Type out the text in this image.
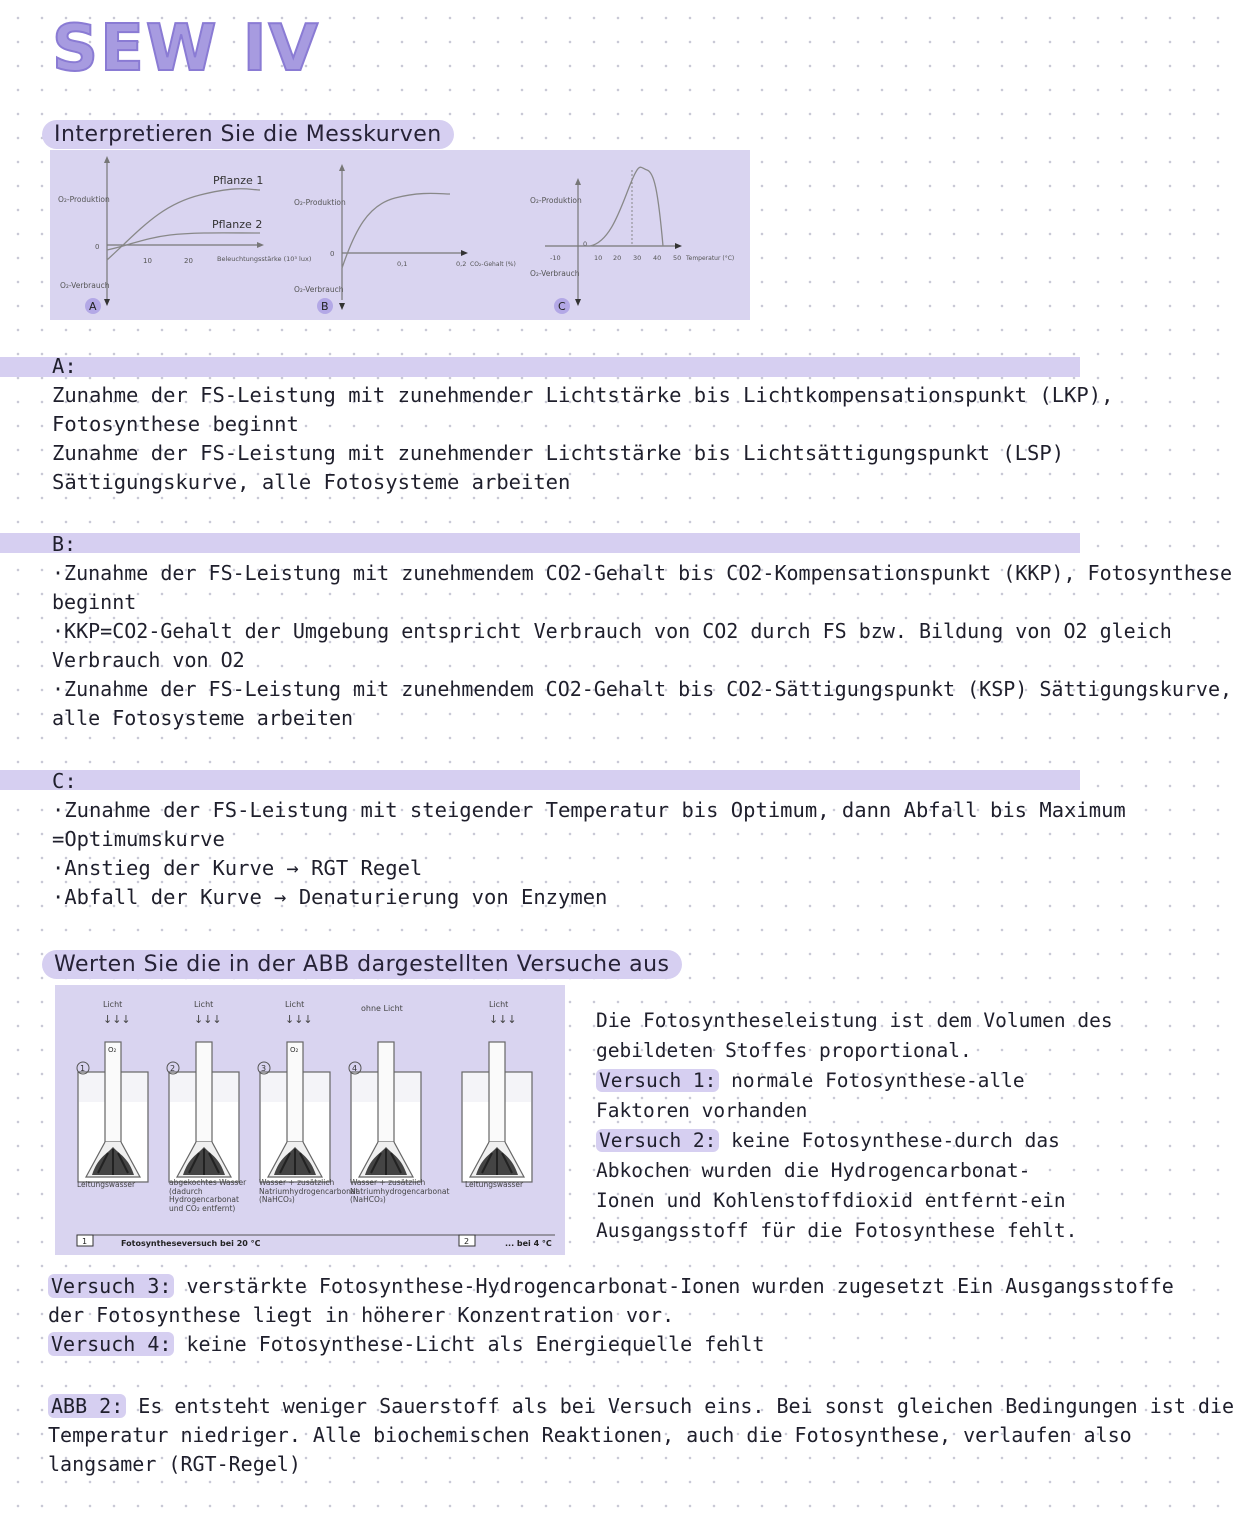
SEW IV
Interpretieren Sie die Messkurven
O₂-Produktion
O₂-Verbrauch
0
10	20	Beleuchtungsstärke (10³ lux)
Pflanze 1
Pflanze 2
A
O₂-Produktion
O₂-Verbrauch
0
0,1	0,2 CO₂-Gehalt (%)
B
O₂-Produktion
O₂-Verbrauch
0
-10	10 20 30 40 50 Temperatur (°C)
C

A:

Zunahme der FS-Leistung mit zunehmender Lichtstärke bis Lichtkompensationspunkt (LKP),

Fotosynthese beginnt

Zunahme der FS-Leistung mit zunehmender Lichtstärke bis Lichtsättigungspunkt (LSP)

Sättigungskurve, alle Fotosysteme arbeiten

B:

·Zunahme der FS-Leistung mit zunehmendem CO2-Gehalt bis CO2-Kompensationspunkt (KKP), Fotosynthese

beginnt

·KKP=CO2-Gehalt der Umgebung entspricht Verbrauch von CO2 durch FS bzw. Bildung von O2 gleich

Verbrauch von O2

·Zunahme der FS-Leistung mit zunehmendem CO2-Gehalt bis CO2-Sättigungspunkt (KSP) Sättigungskurve,

alle Fotosysteme arbeiten

C:

·Zunahme der FS-Leistung mit steigender Temperatur bis Optimum, dann Abfall bis Maximum

=Optimumskurve

·Anstieg der Kurve → RGT Regel

·Abfall der Kurve → Denaturierung von Enzymen

Werten Sie die in der ABB dargestellten Versuche aus
Licht
↓↓↓
O₂
1
Leitungswasser
Licht
↓↓↓
2
abgekochtes Wasser (dadurch Hydrogencarbonat und CO₂ entfernt)
Licht
↓↓↓
O₂
3
Wasser + zusätzlich Natriumhydrogencarbonat (NaHCO₃)
ohne Licht
4
Wasser + zusätzlich Natriumhydrogencarbonat (NaHCO₃)
Licht
↓↓↓
Leitungswasser
1	Fotosyntheseversuch bei 20 °C	2	... bei 4 °C

Die Fotosyntheseleistung ist dem Volumen des

gebildeten Stoffes proportional.

Versuch 1: normale Fotosynthese-alle

Faktoren vorhanden

Versuch 2: keine Fotosynthese-durch das

Abkochen wurden die Hydrogencarbonat-

Ionen und Kohlenstoffdioxid entfernt-ein

Ausgangsstoff für die Fotosynthese fehlt.

Versuch 3: verstärkte Fotosynthese-Hydrogencarbonat-Ionen wurden zugesetzt Ein Ausgangsstoffe

der Fotosynthese liegt in höherer Konzentration vor.

Versuch 4: keine Fotosynthese-Licht als Energiequelle fehlt

ABB 2: Es entsteht weniger Sauerstoff als bei Versuch eins. Bei sonst gleichen Bedingungen ist die

Temperatur niedriger. Alle biochemischen Reaktionen, auch die Fotosynthese, verlaufen also

langsamer (RGT-Regel)
